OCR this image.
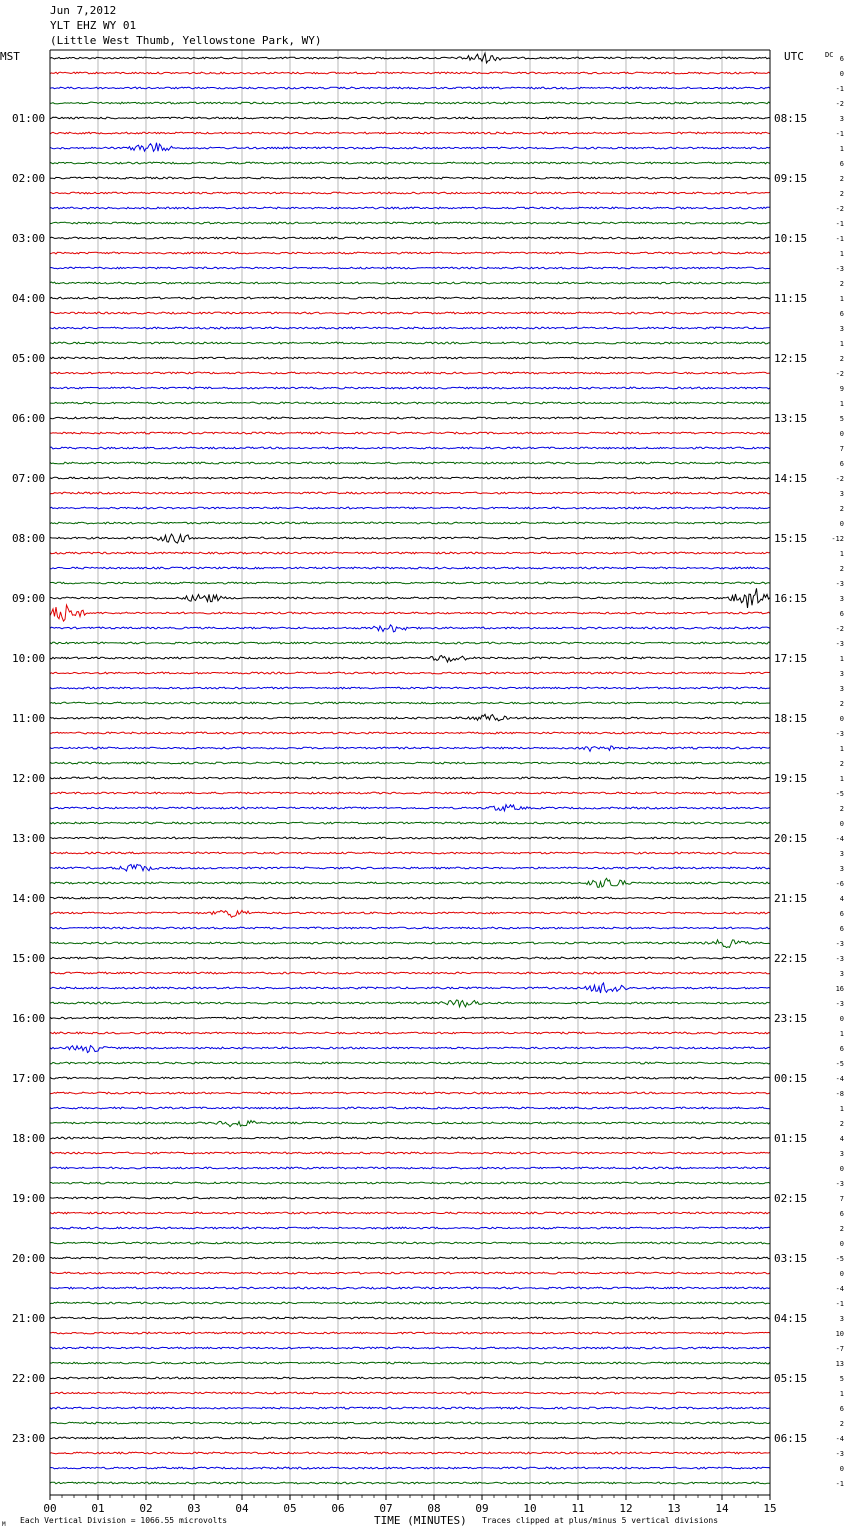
Jun 7,2012
YLT EHZ WY 01
(Little West Thumb, Yellowstone Park, WY)
00	01	02	03	04	05	06	07	08	09	10	11	12	13	14	15
01:00
02:00
03:00
04:00
05:00
06:00
07:00
08:00
09:00
10:00
11:00
12:00
13:00
14:00
15:00
16:00
17:00
18:00
19:00
20:00
21:00
22:00
23:00
08:15
09:15
10:15
11:15
12:15
13:15
14:15
15:15
16:15
17:15
18:15
19:15
20:15
21:15
22:15
23:15
00:15
01:15
02:15
03:15
04:15
05:15
06:15
6
0
-1
-2
3
-1
1
6
2
2
-2
-1
-1
1
-3
2
1
6
3
1
2
-2
9
1
5
0
7
6
-2
3
2
0
-12
1
2
-3
3
6
-2
-3
1
3
3
2
0
-3
1
2
1
-5
2
0
-4
3
3
-6
4
6
6
-3
-3
3
16
-3
0
1
6
-5
-4
-8
1
2
4
3
0
-3
7
6
2
0
-5
0
-4
-1
3
10
-7
13
5
1
6
2
-4
-3
0
-1
MST	UTC	DC
TIME (MINUTES)
M Each Vertical Division = 1066.55 microvolts	Traces clipped at plus/minus 5 vertical divisions
